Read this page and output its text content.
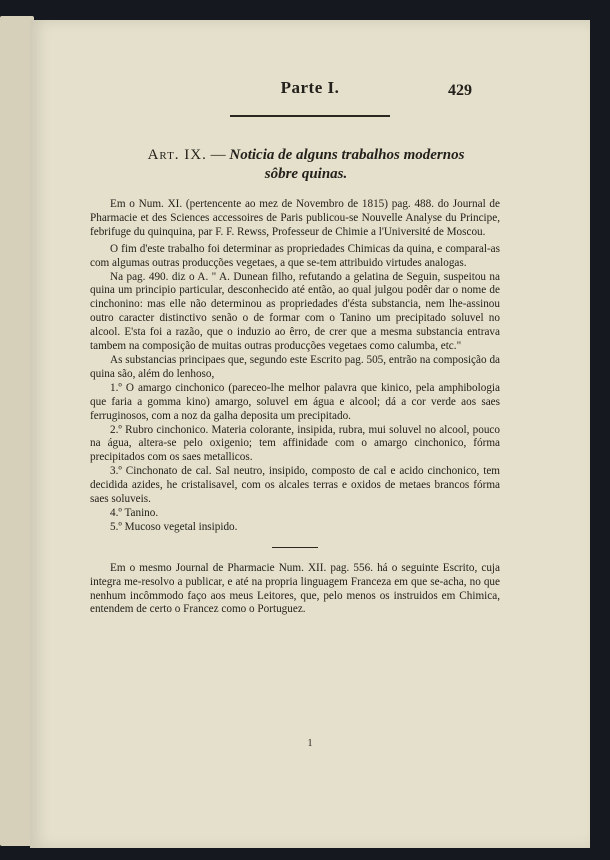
Parte I.	429
Art. IX. — Noticia de alguns trabalhos modernos
sôbre quinas.

Em o Num. XI. (pertencente ao mez de Novembro de 1815) pag. 488. do Journal de Pharmacie et des Sciences accessoires de Paris publicou-se Nouvelle Analyse du Principe, febrifuge du quinquina, par F. F. Rewss, Professeur de Chimie a l'Université de Moscou.

O fim d'este trabalho foi determinar as propriedades Chimicas da quina, e comparal-as com algumas outras producções vegetaes, a que se-tem attribuido virtudes analogas.

Na pag. 490. diz o A. " A. Dunean filho, refutando a gelatina de Seguin, suspeitou na quina um principio particular, desconhecido até então, ao qual julgou podêr dar o nome de cinchonino: mas elle não determinou as propriedades d'ésta substancia, nem lhe-assinou outro caracter distinctivo senão o de formar com o Tanino um precipitado soluvel no alcool. E'sta foi a razão, que o induzio ao êrro, de crer que a mesma substancia entrava tambem na composição de muitas outras producções vegetaes como calumba, etc."

As substancias principaes que, segundo este Escrito pag. 505, entrão na composição da quina são, além do lenhoso,

1.º O amargo cinchonico (pareceo-lhe melhor palavra que kinico, pela amphibologia que faria a gomma kino) amargo, soluvel em água e alcool; dá a cor verde aos saes ferruginosos, com a noz da galha deposita um precipitado.

2.º Rubro cinchonico. Materia colorante, insipida, rubra, mui soluvel no alcool, pouco na água, altera-se pelo oxigenio; tem affinidade com o amargo cinchonico, fórma precipitados com os saes metallicos.

3.º Cinchonato de cal. Sal neutro, insipido, composto de cal e acido cinchonico, tem decidida azides, he cristalisavel, com os alcales terras e oxidos de metaes brancos fórma saes soluveis.

4.º Tanino.

5.º Mucoso vegetal insipido.

Em o mesmo Journal de Pharmacie Num. XII. pag. 556. há o seguinte Escrito, cuja integra me-resolvo a publicar, e até na propria linguagem Franceza em que se-acha, no que nenhum incômmodo faço aos meus Leitores, que, pelo menos os instruidos em Chimica, entendem de certo o Francez como o Portuguez.

1
